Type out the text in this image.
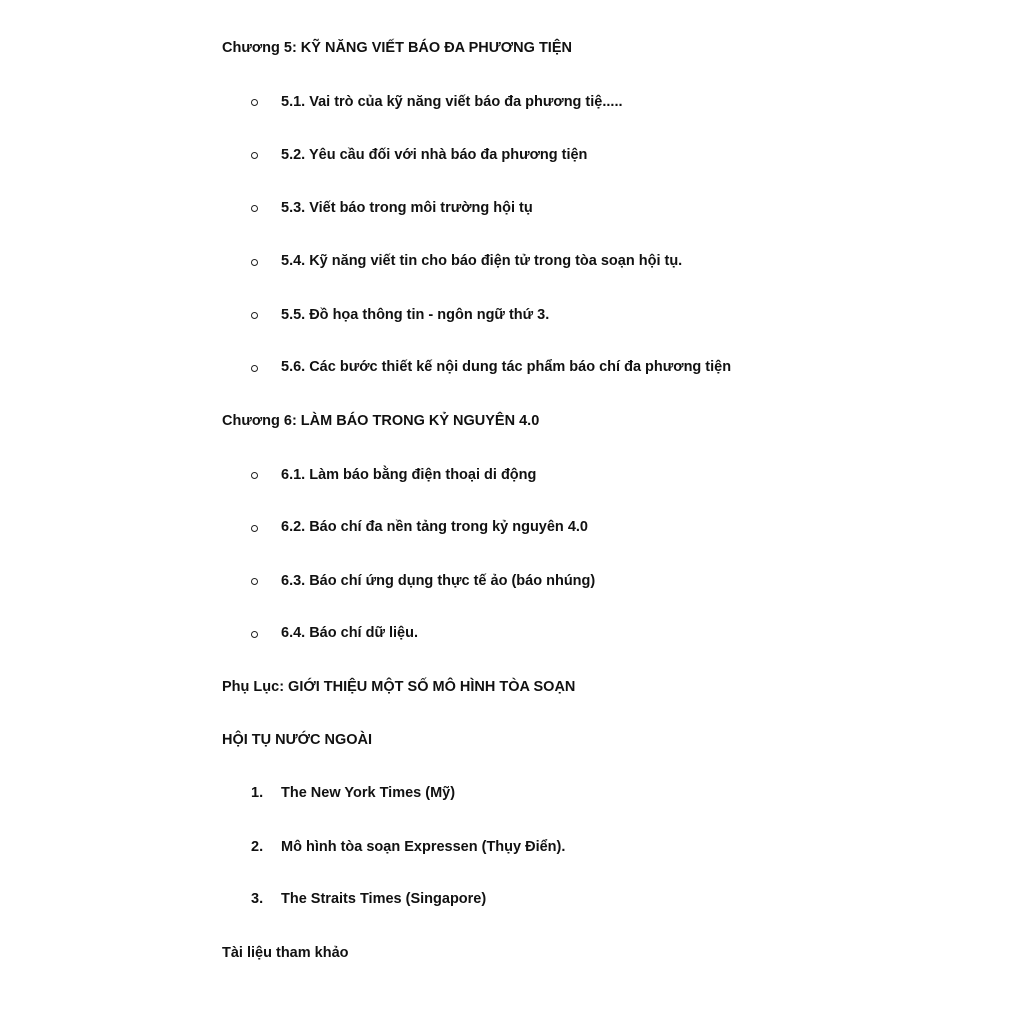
Chương 5: KỸ NĂNG VIẾT BÁO ĐA PHƯƠNG TIỆN
5.1. Vai trò của kỹ năng viết báo đa phương tiệ.....
5.2. Yêu cầu đối với nhà báo đa phương tiện
5.3. Viết báo trong môi trường hội tụ
5.4. Kỹ năng viết tin cho báo điện tử trong tòa soạn hội tụ.
5.5. Đồ họa thông tin - ngôn ngữ thứ 3.
5.6. Các bước thiết kế nội dung tác phẩm báo chí đa phương tiện
Chương 6: LÀM BÁO TRONG KỶ NGUYÊN 4.0
6.1. Làm báo bằng điện thoại di động
6.2. Báo chí đa nền tảng trong kỷ nguyên 4.0
6.3. Báo chí ứng dụng thực tế ảo (báo nhúng)
6.4. Báo chí dữ liệu.
Phụ Lục: GIỚI THIỆU MỘT SỐ MÔ HÌNH TÒA SOẠN
HỘI TỤ NƯỚC NGOÀI
1. The New York Times (Mỹ)
2. Mô hình tòa soạn Expressen (Thụy Điển).
3. The Straits Times (Singapore)
Tài liệu tham khảo
